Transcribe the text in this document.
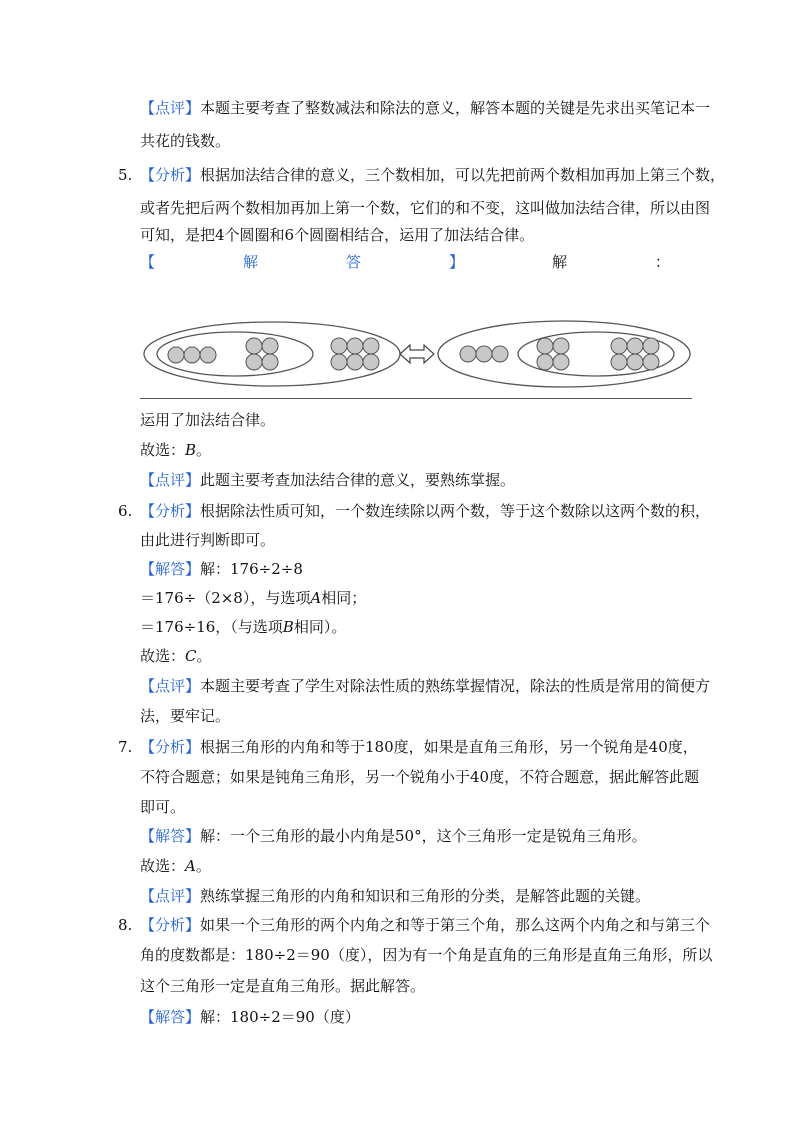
【点评】本题主要考查了整数减法和除法的意义，解答本题的关键是先求出买笔记本一
共花的钱数。
5. 【分析】根据加法结合律的意义，三个数相加，可以先把前两个数相加再加上第三个数，
或者先把后两个数相加再加上第一个数，它们的和不变，这叫做加法结合律，所以由图
可知，是把4个圆圈和6个圆圈相结合，运用了加法结合律。
【	解	答	】	解	：
运用了加法结合律。
故选：B。
【点评】此题主要考查加法结合律的意义，要熟练掌握。
6. 【分析】根据除法性质可知，一个数连续除以两个数，等于这个数除以这两个数的积，
由此进行判断即可。
【解答】解：176÷2÷8
＝176÷（2×8），与选项A相同；
＝176÷16，（与选项B相同）。
故选：C。
【点评】本题主要考查了学生对除法性质的熟练掌握情况，除法的性质是常用的简便方
法，要牢记。
7. 【分析】根据三角形的内角和等于180度，如果是直角三角形，另一个锐角是40度，
不符合题意；如果是钝角三角形，另一个锐角小于40度，不符合题意，据此解答此题
即可。
【解答】解：一个三角形的最小内角是50°，这个三角形一定是锐角三角形。
故选：A。
【点评】熟练掌握三角形的内角和知识和三角形的分类，是解答此题的关键。
8. 【分析】如果一个三角形的两个内角之和等于第三个角，那么这两个内角之和与第三个
角的度数都是：180÷2＝90（度），因为有一个角是直角的三角形是直角三角形，所以
这个三角形一定是直角三角形。据此解答。
【解答】解：180÷2＝90（度）
